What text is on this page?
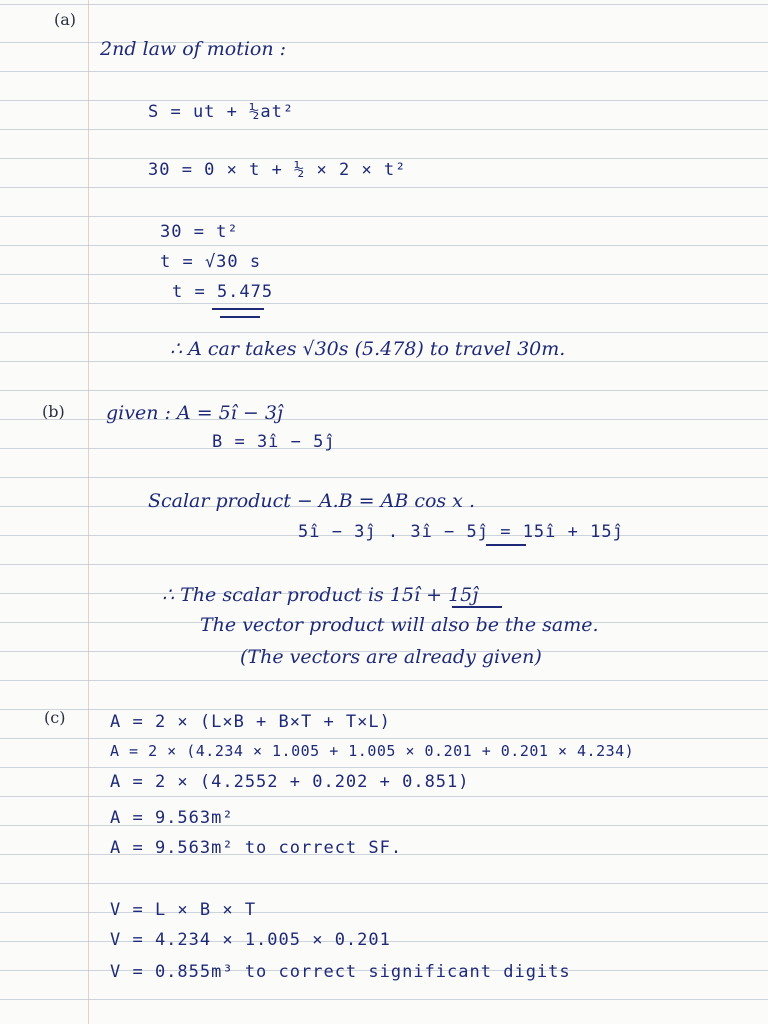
(a)
2nd law of motion :
S = ut + ½at²
30 = 0 × t + ½ × 2 × t²
30 = t²
t = √30 s
t = 5.475
∴ A car takes √30s (5.478) to travel 30m.
(b) given : A = 5î − 3ĵ
B = 3î − 5ĵ
Scalar product − A.B = AB cos x .
5î − 3ĵ . 3î − 5ĵ = 15î + 15ĵ
∴ The scalar product is 15î + 15ĵ
The vector product will also be the same.
(The vectors are already given)
(c)	A = 2 × (L×B + B×T + T×L)
A = 2 × (4.234 × 1.005 + 1.005 × 0.201 + 0.201 × 4.234)
A = 2 × (4.2552 + 0.202 + 0.851)
A = 9.563m²
A = 9.563m² to correct SF.
V = L × B × T
V = 4.234 × 1.005 × 0.201
V = 0.855m³ to correct significant digits
